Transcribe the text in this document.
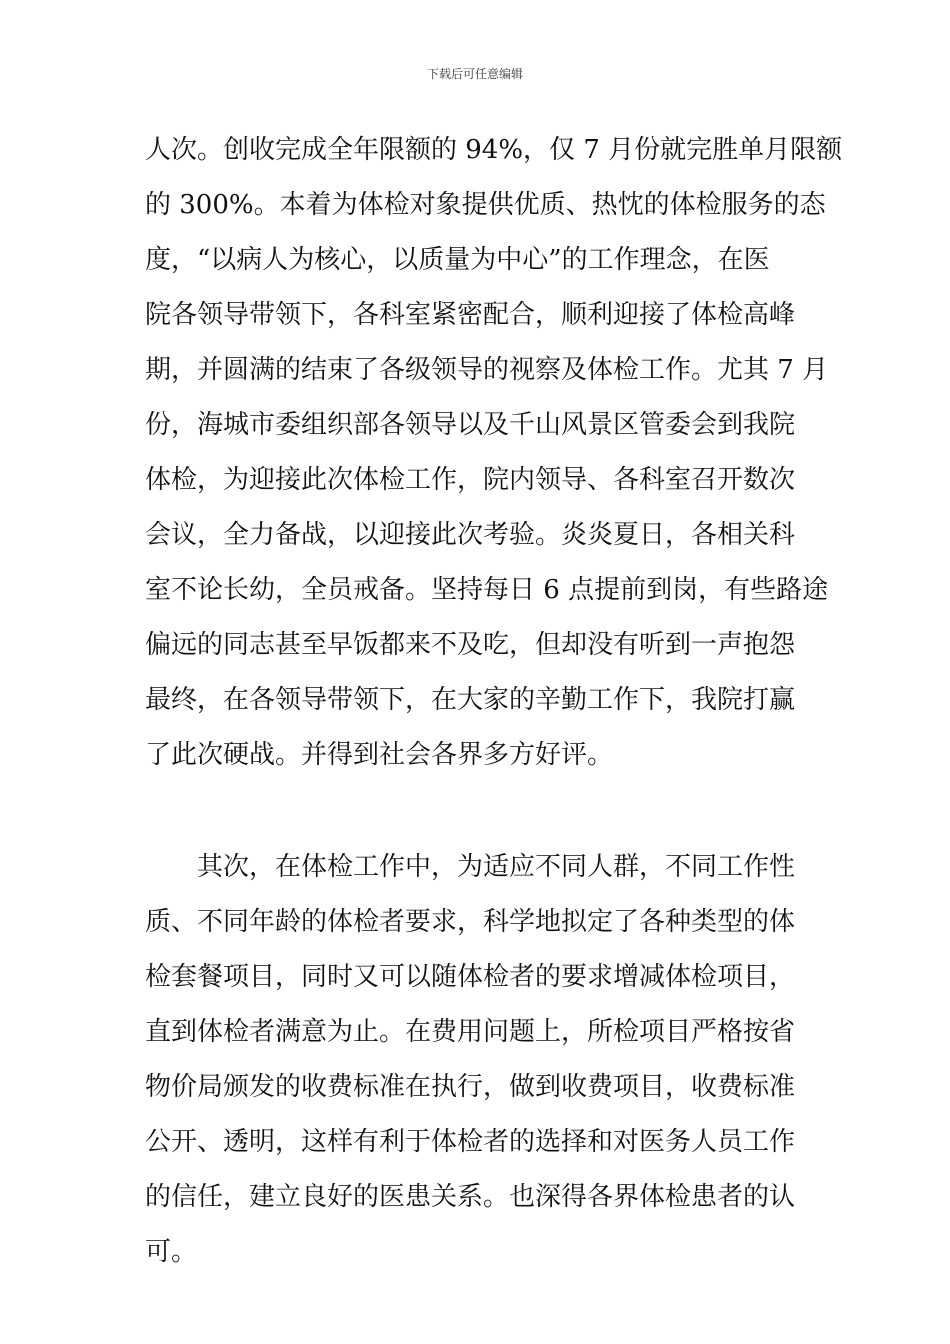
下载后可任意编辑
人次。创收完成全年限额的 94%，仅 7 月份就完胜单月限额
的 300%。本着为体检对象提供优质、热忱的体检服务的态
度，“以病人为核心，以质量为中心”的工作理念，在医
院各领导带领下，各科室紧密配合，顺利迎接了体检高峰
期，并圆满的结束了各级领导的视察及体检工作。尤其 7 月
份，海城市委组织部各领导以及千山风景区管委会到我院
体检，为迎接此次体检工作，院内领导、各科室召开数次
会议，全力备战，以迎接此次考验。炎炎夏日，各相关科
室不论长幼，全员戒备。坚持每日 6 点提前到岗，有些路途
偏远的同志甚至早饭都来不及吃，但却没有听到一声抱怨
最终，在各领导带领下，在大家的辛勤工作下，我院打赢
了此次硬战。并得到社会各界多方好评。
　　其次，在体检工作中，为适应不同人群，不同工作性
质、不同年龄的体检者要求，科学地拟定了各种类型的体
检套餐项目，同时又可以随体检者的要求增减体检项目，
直到体检者满意为止。在费用问题上，所检项目严格按省
物价局颁发的收费标准在执行，做到收费项目，收费标准
公开、透明，这样有利于体检者的选择和对医务人员工作
的信任，建立良好的医患关系。也深得各界体检患者的认
可。
